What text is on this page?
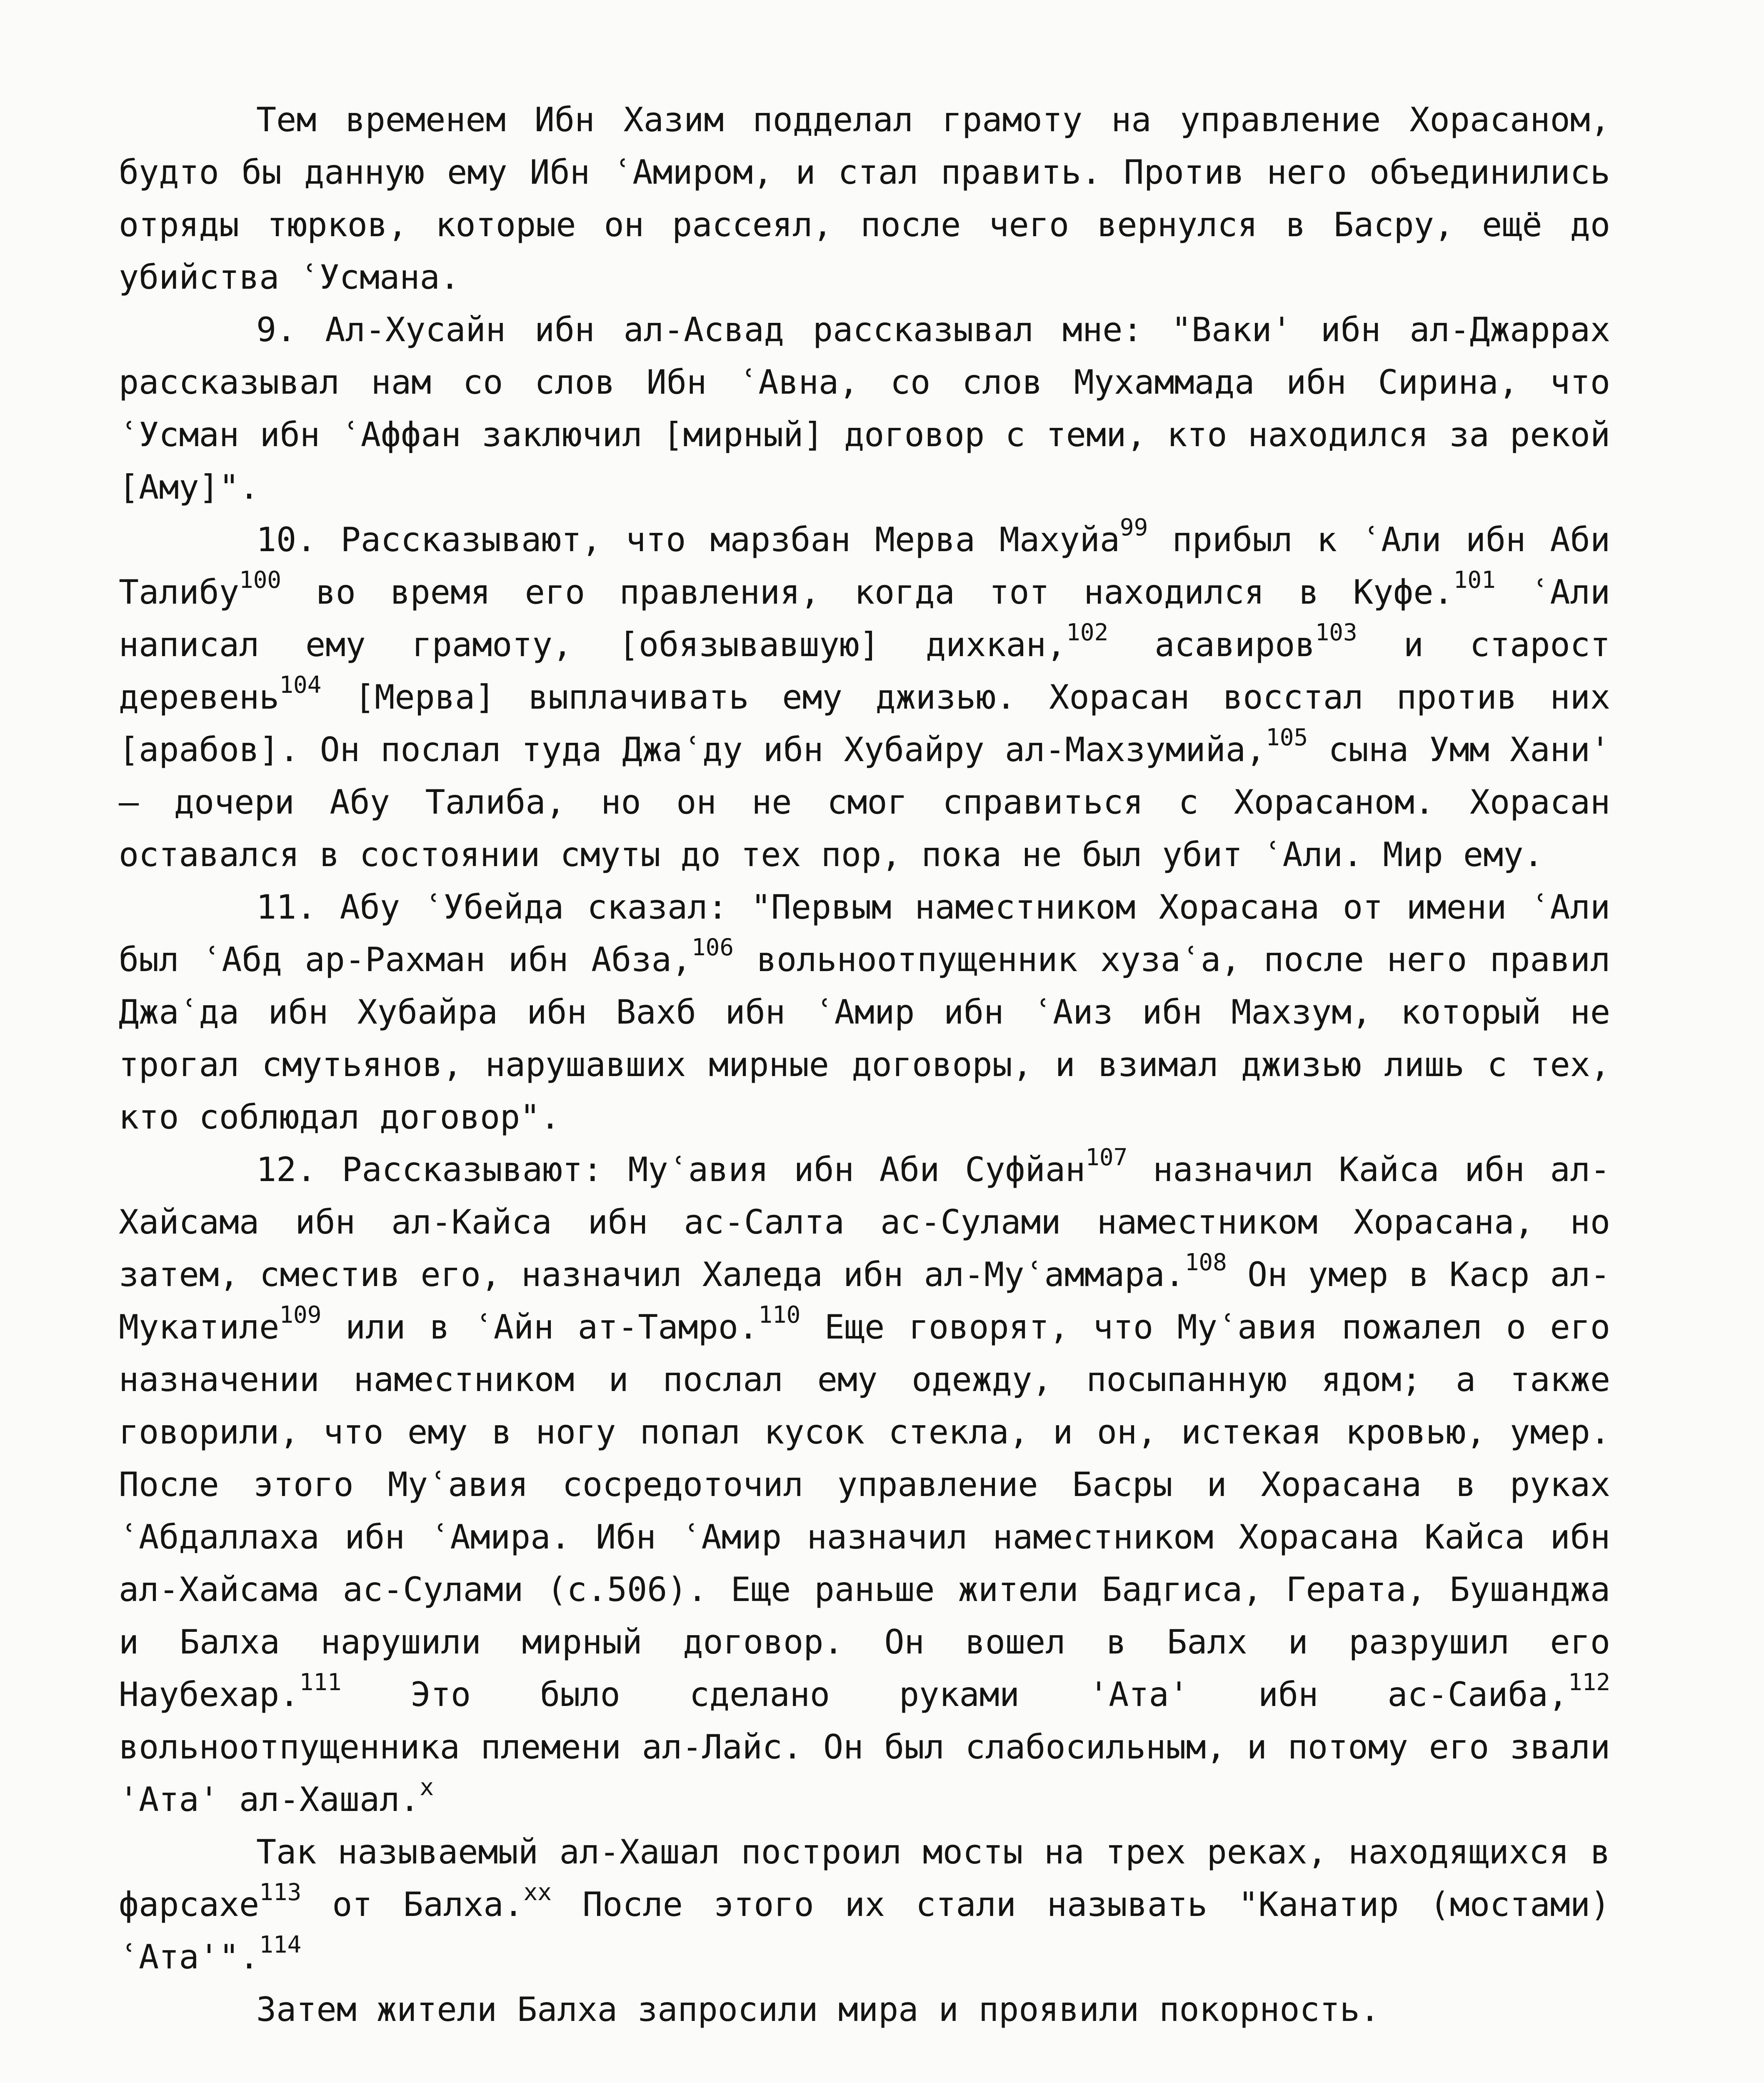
Тем временем Ибн Хазим подделал грамоту на управление Хорасаном, будто бы данную ему Ибн ʿАмиром, и стал править. Против него объединились отряды тюрков, которые он рассеял, после чего вернулся в Басру, ещё до убийства ʿУсмана.

9. Ал-Хусайн ибн ал-Асвад рассказывал мне: "Ваки' ибн ал-Джаррах рассказывал нам со слов Ибн ʿАвна, со слов Мухаммада ибн Сирина, что ʿУсман ибн ʿАффан заключил [мирный] договор с теми, кто находился за рекой [Аму]".

10. Рассказывают, что марзбан Мерва Махуйа$^{99}$ прибыл к ʿАли ибн Аби Талибу$^{100}$ во время его правления, когда тот находился в Куфе.$^{101}$ ʿАли написал ему грамоту, [обязывавшую] дихкан,$^{102}$ асавиров$^{103}$ и старост деревень$^{104}$ [Мерва] выплачивать ему джизью. Хорасан восстал против них [арабов]. Он послал туда Джаʿду ибн Хубайру ал-Махзумийа,$^{105}$ сына Умм Хани' – дочери Абу Талиба, но он не смог справиться с Хорасаном. Хорасан оставался в состоянии смуты до тех пор, пока не был убит ʿАли. Мир ему.

11. Абу ʿУбейда сказал: "Первым наместником Хорасана от имени ʿАли был ʿАбд ар-Рахман ибн Абза,$^{106}$ вольноотпущенник хузаʿа, после него правил Джаʿда ибн Хубайра ибн Вахб ибн ʿАмир ибн ʿАиз ибн Махзум, который не трогал смутьянов, нарушавших мирные договоры, и взимал джизью лишь с тех, кто соблюдал договор".

12. Рассказывают: Муʿавия ибн Аби Суфйан$^{107}$ назначил Кайса ибн ал-Хайсама ибн ал-Кайса ибн ас-Салта ас-Сулами наместником Хорасана, но затем, сместив его, назначил Халеда ибн ал-Муʿаммара.$^{108}$ Он умер в Каср ал-Мукатиле$^{109}$ или в ʿАйн ат-Тамро.$^{110}$ Еще говорят, что Муʿавия пожалел о его назначении наместником и послал ему одежду, посыпанную ядом; а также говорили, что ему в ногу попал кусок стекла, и он, истекая кровью, умер. После этого Муʿавия сосредоточил управление Басры и Хорасана в руках ʿАбдаллаха ибн ʿАмира. Ибн ʿАмир назначил наместником Хорасана Кайса ибн ал-Хайсама ас-Сулами (с.506). Еще раньше жители Бадгиса, Герата, Бушанджа и Балха нарушили мирный договор. Он вошел в Балх и разрушил его Наубехар.$^{111}$ Это было сделано руками 'Ата' ибн ас-Саиба,$^{112}$ вольноотпущенника племени ал-Лайс. Он был слабосильным, и потому его звали 'Ата' ал-Хашал.$^x$

Так называемый ал-Хашал построил мосты на трех реках, находящихся в фарсахе$^{113}$ от Балха.$^{xx}$ После этого их стали называть "Канатир (мостами) ʿАта'".$^{114}$

Затем жители Балха запросили мира и проявили покорность.
